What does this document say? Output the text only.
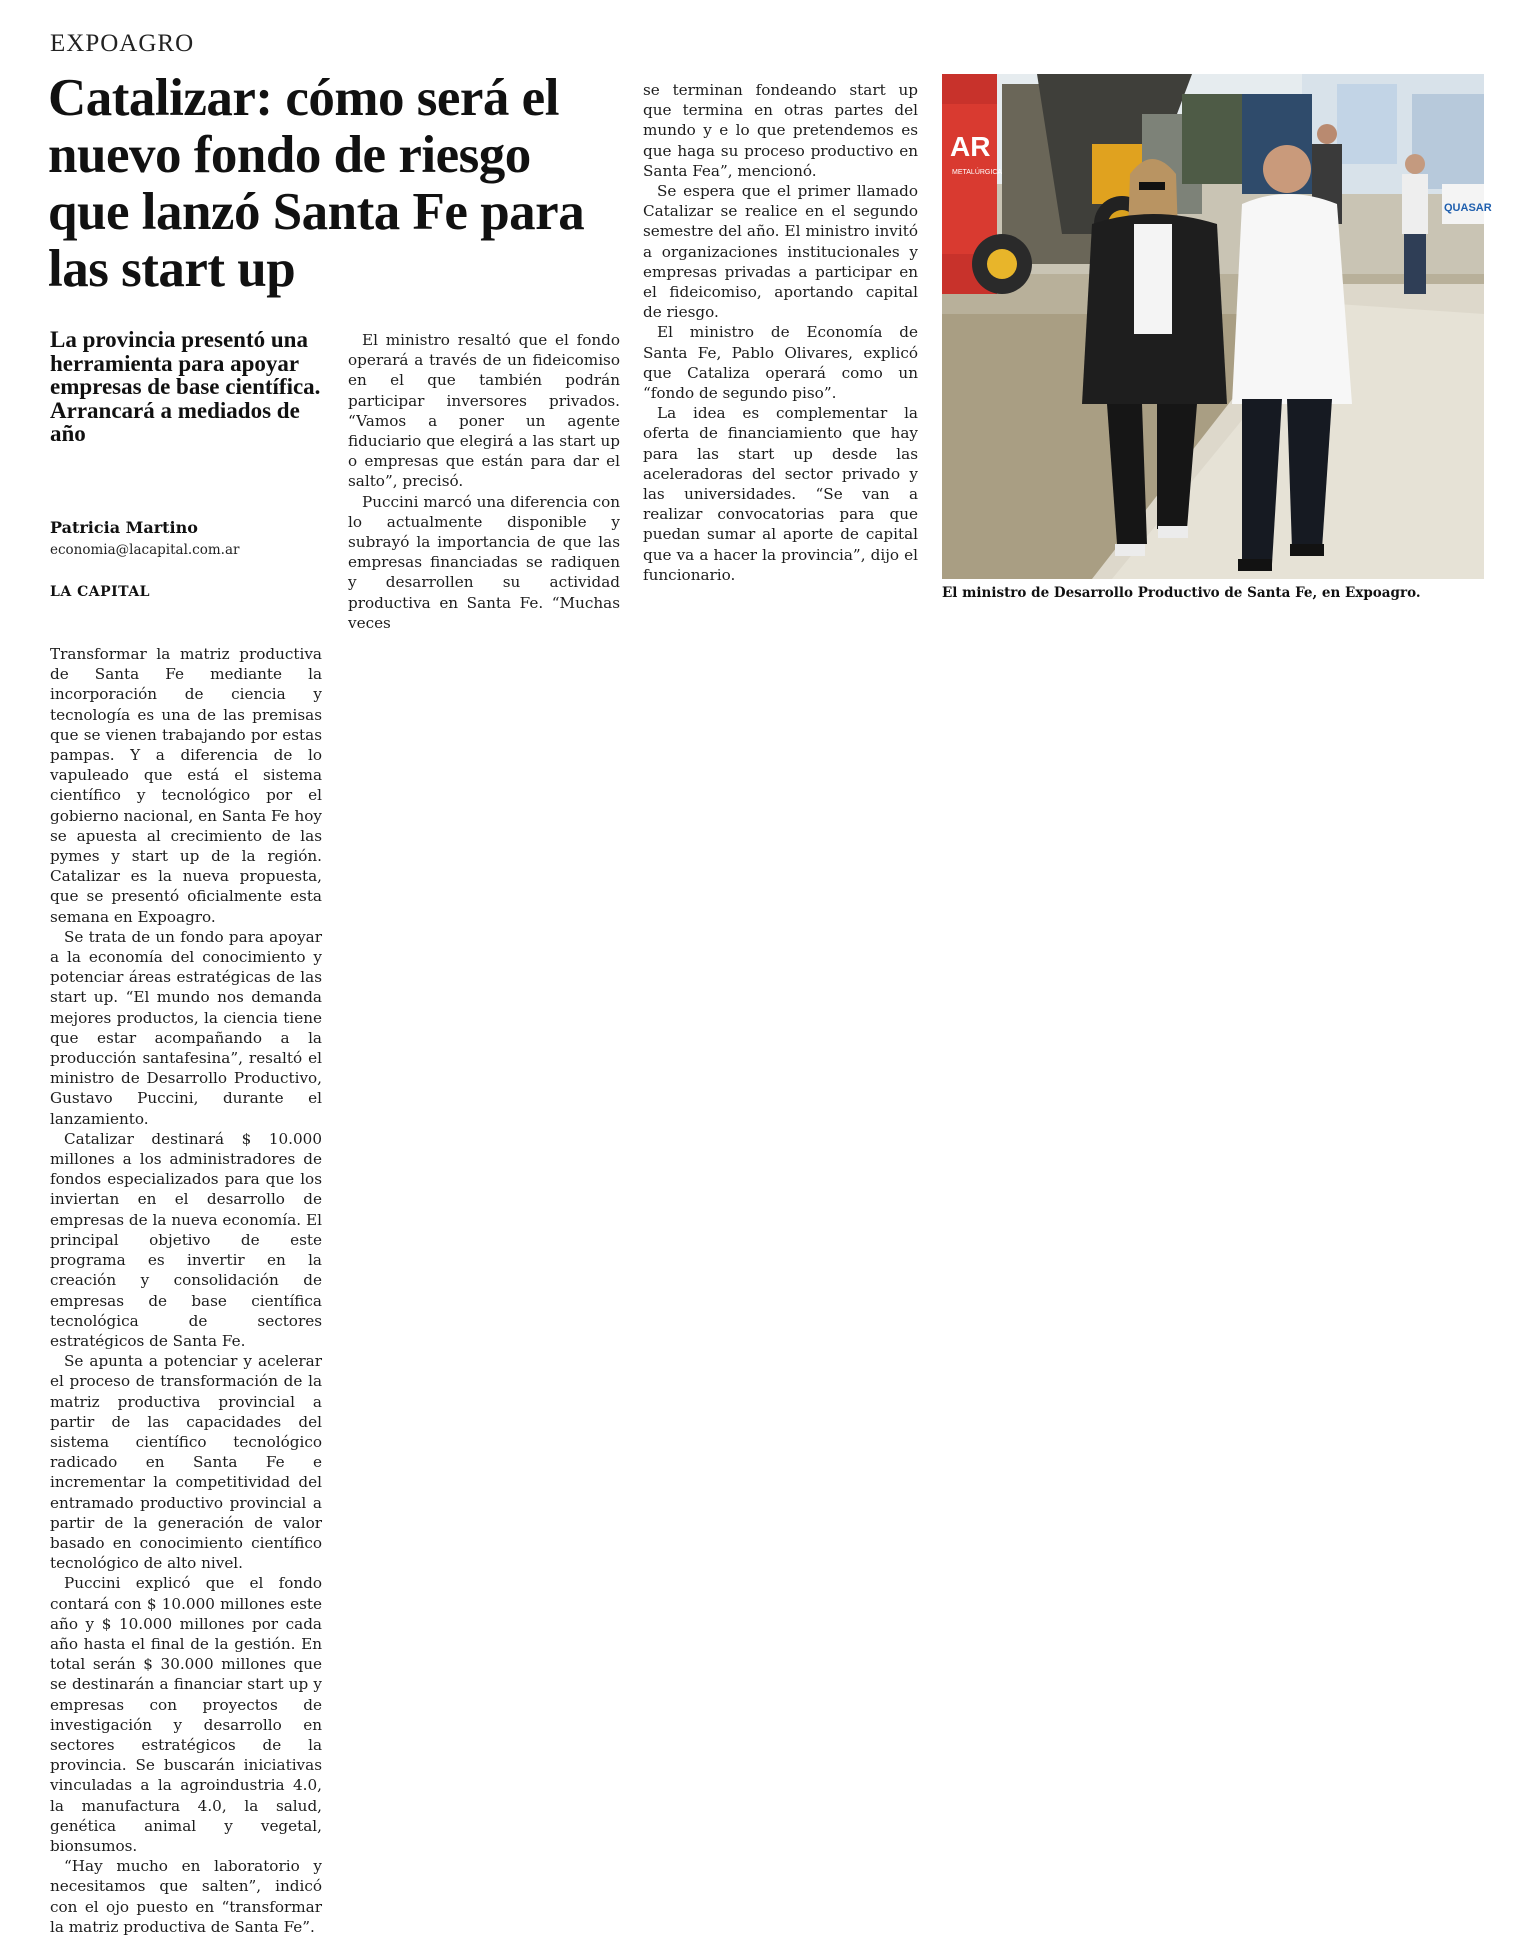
EXPOAGRO
Catalizar: cómo será el nuevo fondo de riesgo que lanzó Santa Fe para las start up
La provincia presentó una herramienta para apoyar empresas de base científica. Arrancará a mediados de año
Patricia Martino
economia@lacapital.com.ar
LA CAPITAL

Transformar la matriz productiva de Santa Fe mediante la incorporación de ciencia y tecnología es una de las premisas que se vienen trabajando por estas pampas. Y a diferencia de lo vapuleado que está el sistema científico y tecnológico por el gobierno nacional, en Santa Fe hoy se apuesta al crecimiento de las pymes y start up de la región. Catalizar es la nueva propuesta, que se presentó oficialmente esta semana en Expoagro.

Se trata de un fondo para apoyar a la economía del conocimiento y potenciar áreas estratégicas de las start up. “El mundo nos demanda mejores productos, la ciencia tiene que estar acompañando a la producción santafesina”, resaltó el ministro de Desarrollo Productivo, Gustavo Puccini, durante el lanzamiento.

Catalizar destinará $ 10.000 millones a los administradores de fondos especializados para que los inviertan en el desarrollo de empresas de la nueva economía. El principal objetivo de este programa es invertir en la creación y consolidación de empresas de base científica tecnológica de sectores estratégicos de Santa Fe.

Se apunta a potenciar y acelerar el proceso de transformación de la matriz productiva provincial a partir de las capacidades del sistema científico tecnológico radicado en Santa Fe e incrementar la competitividad del entramado productivo provincial a partir de la generación de valor basado en conocimiento científico tecnológico de alto nivel.

Puccini explicó que el fondo contará con $ 10.000 millones este año y $ 10.000 millones por cada año hasta el final de la gestión. En total serán $ 30.000 millones que se destinarán a financiar start up y empresas con proyectos de investigación y desarrollo en sectores estratégicos de la provincia. Se buscarán iniciativas vinculadas a la agroindustria 4.0, la manufactura 4.0, la salud, genética animal y vegetal, bionsumos.

“Hay mucho en laboratorio y necesitamos que salten”, indicó con el ojo puesto en “transformar la matriz productiva de Santa Fe”.

El ministro resaltó que el fondo operará a través de un fideicomiso en el que también podrán participar inversores privados. “Vamos a poner un agente fiduciario que elegirá a las start up o empresas que están para dar el salto”, precisó.

Puccini marcó una diferencia con lo actualmente disponible y subrayó la importancia de que las empresas financiadas se radiquen y desarrollen su actividad productiva en Santa Fe. “Muchas veces

se terminan fondeando start up que termina en otras partes del mundo y e lo que pretendemos es que haga su proceso productivo en Santa Fea”, mencionó.

Se espera que el primer llamado Catalizar se realice en el segundo semestre del año. El ministro invitó a organizaciones institucionales y empresas privadas a participar en el fideicomiso, aportando capital de riesgo.

El ministro de Economía de Santa Fe, Pablo Olivares, explicó que Cataliza operará como un “fondo de segundo piso”.

La idea es complementar la oferta de financiamiento que hay para las start up desde las aceleradoras del sector privado y las universidades. “Se van a realizar convocatorias para que puedan sumar al aporte de capital que va a hacer la provincia”, dijo el funcionario.

AR
METALÚRGICA
QUASAR
El ministro de Desarrollo Productivo de Santa Fe, en Expoagro.
